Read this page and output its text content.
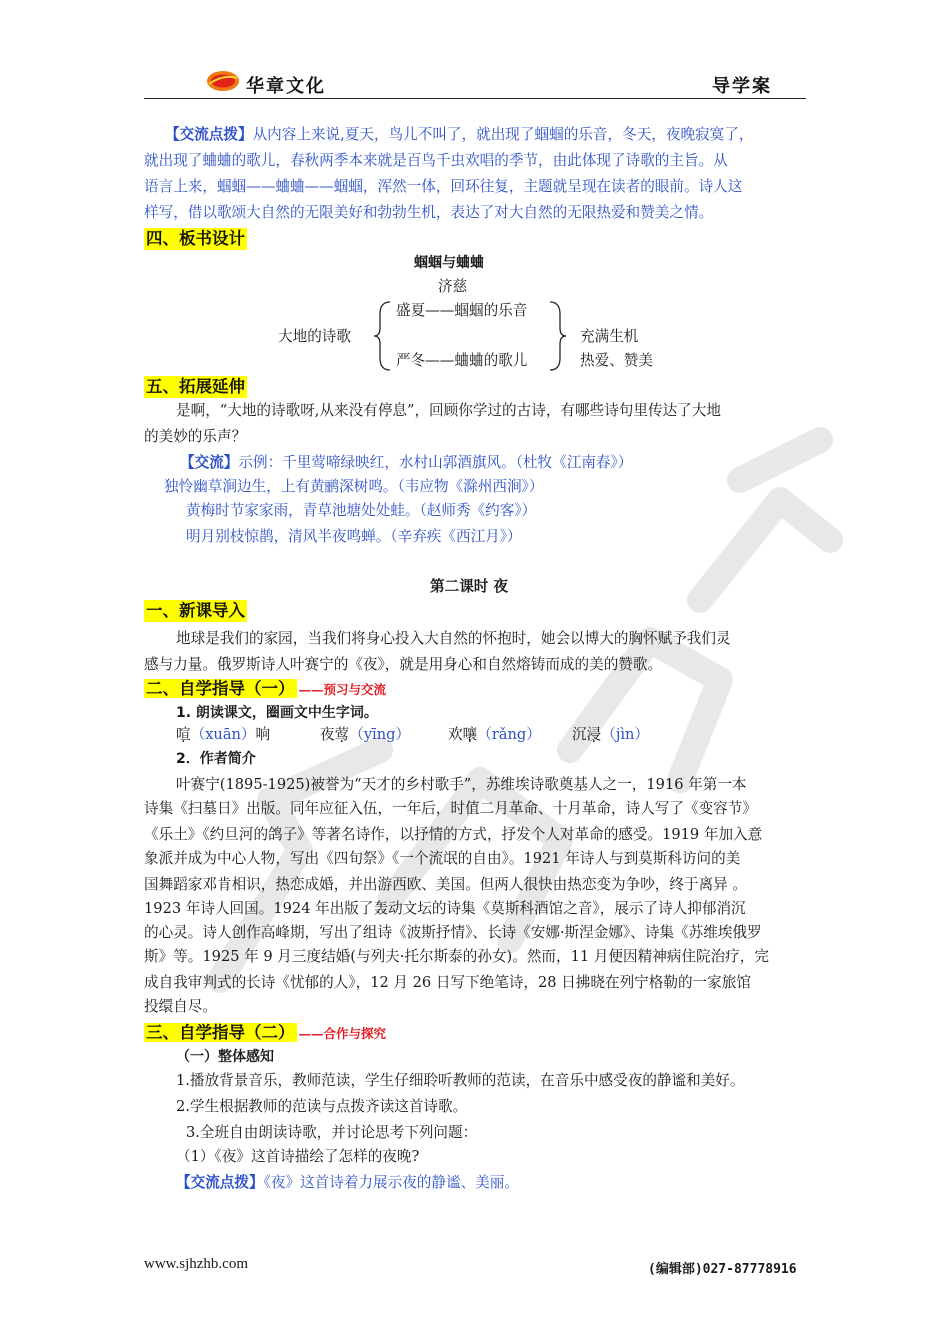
华章文化	导学案
【交流点拨】从内容上来说,夏天，鸟儿不叫了，就出现了蝈蝈的乐音，冬天，夜晚寂寞了，
就出现了蛐蛐的歌儿，春秋两季本来就是百鸟千虫欢唱的季节，由此体现了诗歌的主旨。从
语言上来，蝈蝈——蛐蛐——蝈蝈，浑然一体，回环往复，主题就呈现在读者的眼前。诗人这
样写，借以歌颂大自然的无限美好和勃勃生机，表达了对大自然的无限热爱和赞美之情。
四、板书设计
蝈蝈与蛐蛐
济慈
大地的诗歌
盛夏——蝈蝈的乐音
严冬——蛐蛐的歌儿
充满生机
热爱、赞美
五、拓展延伸
是啊，“大地的诗歌呀,从来没有停息”，回顾你学过的古诗，有哪些诗句里传达了大地
的美妙的乐声？
【交流】示例：千里莺啼绿映红，水村山郭酒旗风。（杜牧《江南春》）
独怜幽草涧边生，上有黄鹂深树鸣。（韦应物《滁州西涧》）
黄梅时节家家雨，青草池塘处处蛙。（赵师秀《约客》）
明月别枝惊鹊，清风半夜鸣蝉。（辛弃疾《西江月》）
第二课时 夜
一、新课导入
地球是我们的家园，当我们将身心投入大自然的怀抱时，她会以博大的胸怀赋予我们灵
感与力量。俄罗斯诗人叶赛宁的《夜》，就是用身心和自然熔铸而成的美的赞歌。
二、自学指导（一） ——预习与交流
1. 朗读课文，圈画文中生字词。
喧（xuān）响	夜莺（yīng）	欢嚷（rǎng） 沉浸（jìn）
2．作者简介
叶赛宁(1895-1925)被誉为“天才的乡村歌手”，苏维埃诗歌奠基人之一，1916 年第一本
诗集《扫墓日》出版。同年应征入伍，一年后，时值二月革命、十月革命，诗人写了《变容节》
《乐土》《约旦河的鸽子》等著名诗作，以抒情的方式，抒发个人对革命的感受。1919 年加入意
象派并成为中心人物，写出《四旬祭》《一个流氓的自由》。1921 年诗人与到莫斯科访问的美
国舞蹈家邓肯相识，热恋成婚，并出游西欧、美国。但两人很快由热恋变为争吵，终于离异 。
1923 年诗人回国。1924 年出版了轰动文坛的诗集《莫斯科酒馆之音》，展示了诗人抑郁消沉
的心灵。诗人创作高峰期，写出了组诗《波斯抒情》、长诗《安娜·斯涅金娜》、诗集《苏维埃俄罗
斯》等。1925 年 9 月三度结婚(与列夫·托尔斯泰的孙女)。然而，11 月便因精神病住院治疗，完
成自我审判式的长诗《忧郁的人》，12 月 26 日写下绝笔诗，28 日拂晓在列宁格勒的一家旅馆
投缳自尽。
三、自学指导（二） ——合作与探究
（一）整体感知
1.播放背景音乐，教师范读，学生仔细聆听教师的范读，在音乐中感受夜的静谧和美好。
2.学生根据教师的范读与点拨齐读这首诗歌。
3.全班自由朗读诗歌，并讨论思考下列问题：
（1）《夜》这首诗描绘了怎样的夜晚?
【交流点拨】《夜》这首诗着力展示夜的静谧、美丽。
www.sjhzhb.com	(编辑部)027-87778916
